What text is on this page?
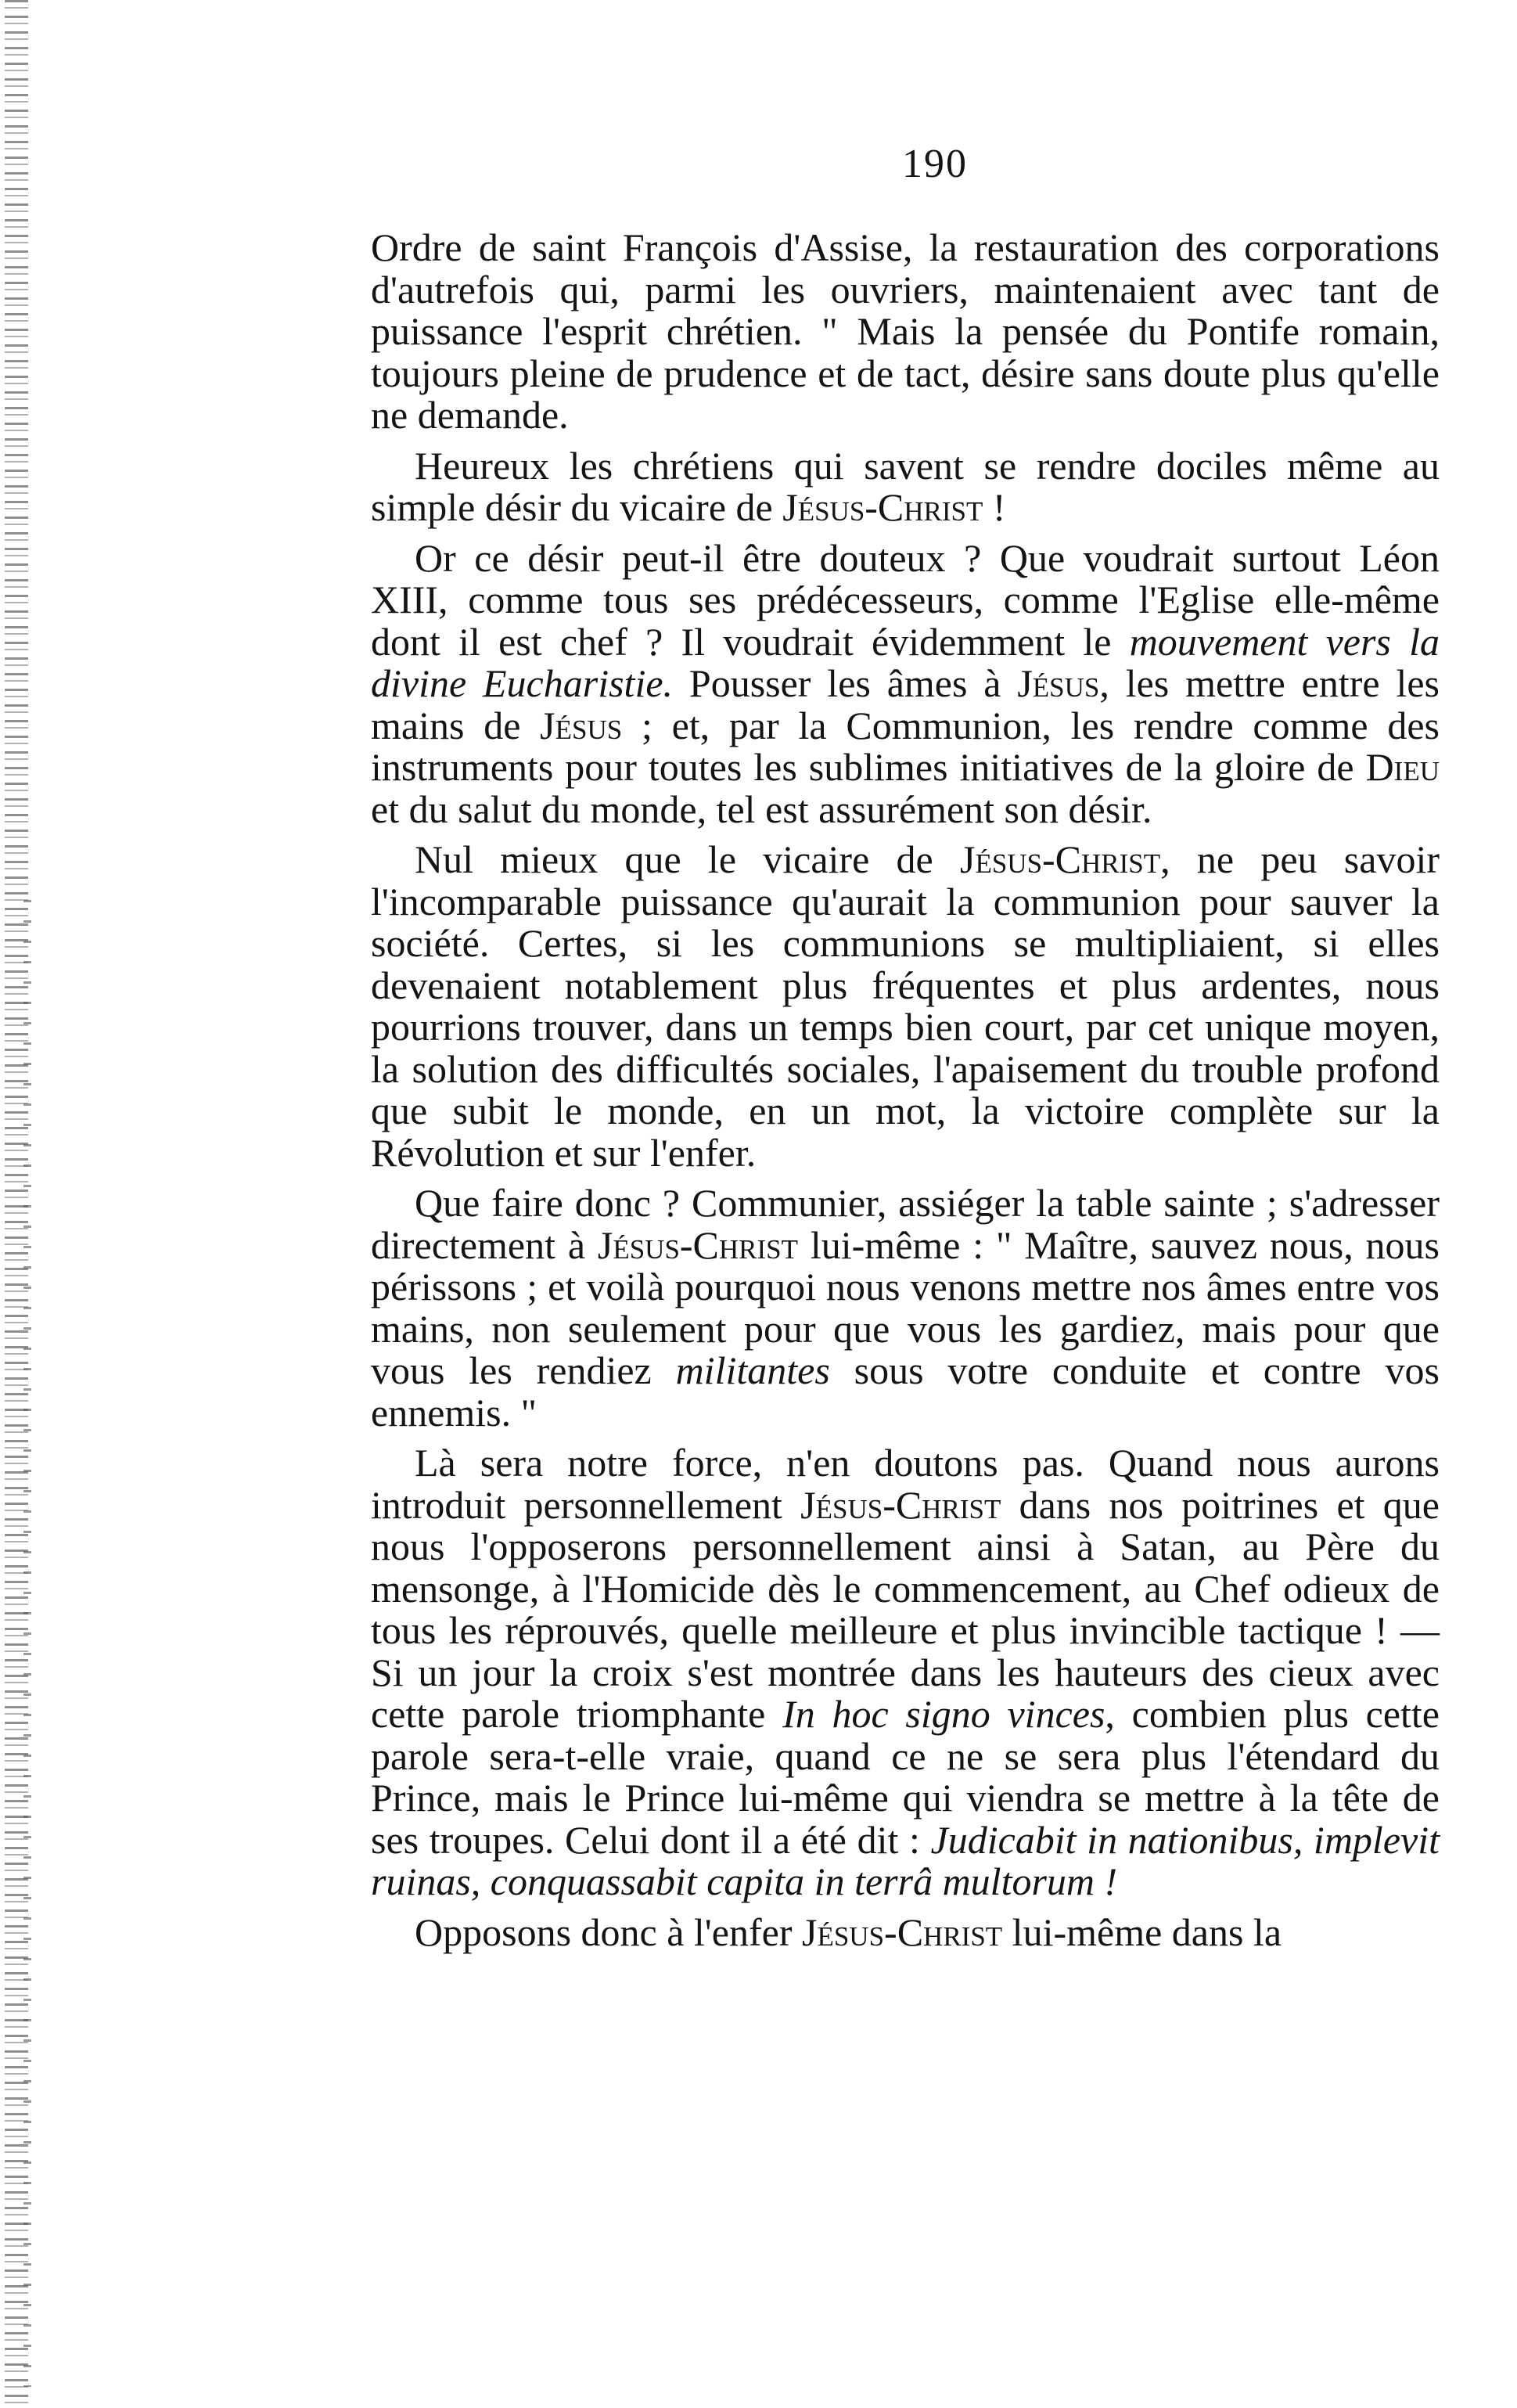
190

Ordre de saint François d'Assise, la restauration des corporations d'autrefois qui, parmi les ouvriers, maintenaient avec tant de puissance l'esprit chrétien. " Mais la pensée du Pontife romain, toujours pleine de prudence et de tact, désire sans doute plus qu'elle ne demande.

Heureux les chrétiens qui savent se rendre dociles même au simple désir du vicaire de Jésus-Christ !

Or ce désir peut-il être douteux ? Que voudrait surtout Léon XIII, comme tous ses prédécesseurs, comme l'Eglise elle-même dont il est chef ? Il voudrait évidemment le mouvement vers la divine Eucharistie. Pousser les âmes à Jésus, les mettre entre les mains de Jésus ; et, par la Communion, les rendre comme des instruments pour toutes les sublimes initiatives de la gloire de Dieu et du salut du monde, tel est assurément son désir.

Nul mieux que le vicaire de Jésus-Christ, ne peu savoir l'incomparable puissance qu'aurait la communion pour sauver la société. Certes, si les communions se multipliaient, si elles devenaient notablement plus fréquentes et plus ardentes, nous pourrions trouver, dans un temps bien court, par cet unique moyen, la solution des difficultés sociales, l'apaisement du trouble profond que subit le monde, en un mot, la victoire complète sur la Révolution et sur l'enfer.

Que faire donc ? Communier, assiéger la table sainte ; s'adresser directement à Jésus-Christ lui-même : " Maître, sauvez nous, nous périssons ; et voilà pourquoi nous venons mettre nos âmes entre vos mains, non seulement pour que vous les gardiez, mais pour que vous les rendiez militantes sous votre conduite et contre vos ennemis. "

Là sera notre force, n'en doutons pas. Quand nous aurons introduit personnellement Jésus-Christ dans nos poitrines et que nous l'opposerons personnellement ainsi à Satan, au Père du mensonge, à l'Homicide dès le commencement, au Chef odieux de tous les réprouvés, quelle meilleure et plus invincible tactique ! — Si un jour la croix s'est montrée dans les hauteurs des cieux avec cette parole triomphante In hoc signo vinces, combien plus cette parole sera-t-elle vraie, quand ce ne se sera plus l'étendard du Prince, mais le Prince lui-même qui viendra se mettre à la tête de ses troupes. Celui dont il a été dit : Judicabit in nationibus, implevit ruinas, conquassabit capita in terrâ multorum !

Opposons donc à l'enfer Jésus-Christ lui-même dans la
